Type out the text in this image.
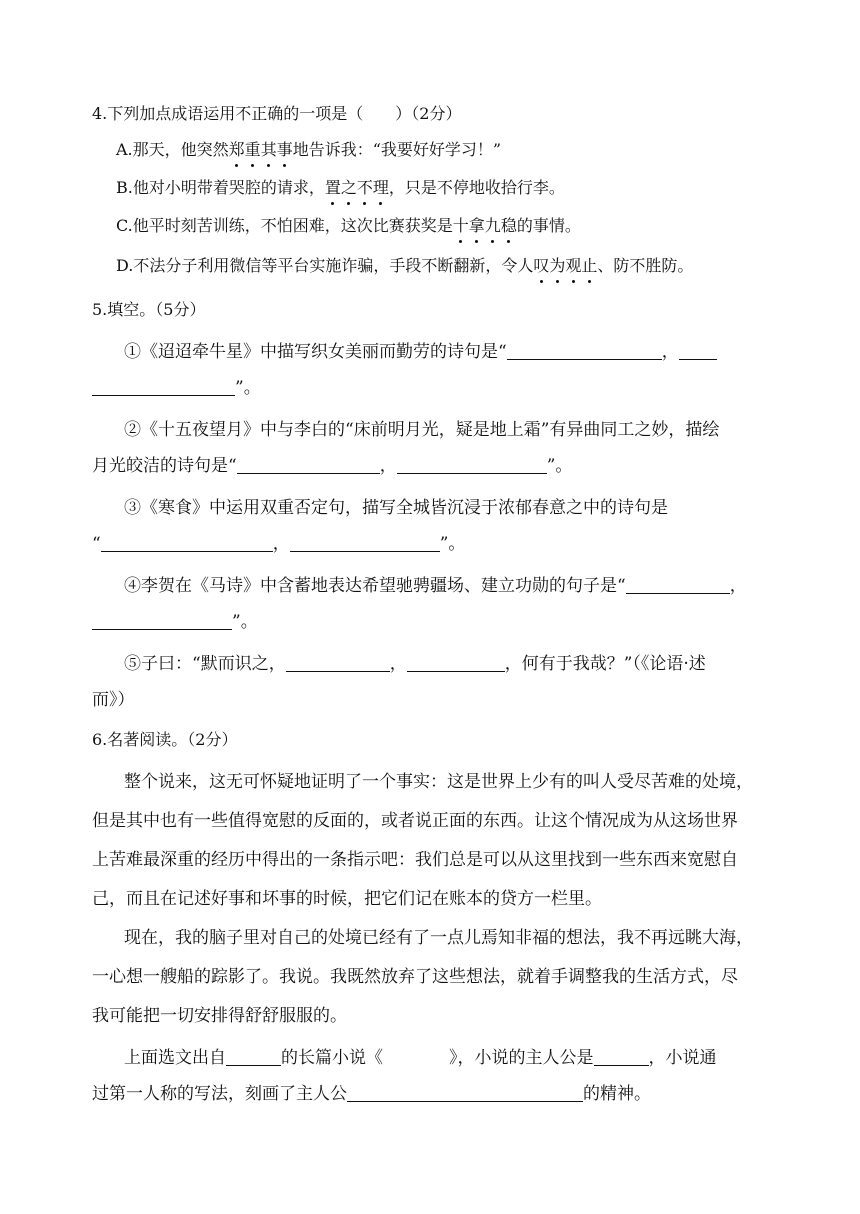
4.下列加点成语运用不正确的一项是（　　）（2分）
A.那天，他突然郑重其事地告诉我：“我要好好学习！”
B.他对小明带着哭腔的请求，置之不理，只是不停地收拾行李。
C.他平时刻苦训练，不怕困难，这次比赛获奖是十拿九稳的事情。
D.不法分子利用微信等平台实施诈骗，手段不断翻新，令人叹为观止、防不胜防。
5.填空。（5分）
①《迢迢牵牛星》中描写织女美丽而勤劳的诗句是“	，
”。
②《十五夜望月》中与李白的“床前明月光，疑是地上霜”有异曲同工之妙，描绘
月光皎洁的诗句是“	，	”。
③《寒食》中运用双重否定句，描写全城皆沉浸于浓郁春意之中的诗句是
“	，	”。
④李贺在《马诗》中含蓄地表达希望驰骋疆场、建立功勋的句子是“	，
”。
⑤子曰：“默而识之，	，	，何有于我哉？”（《论语·述
而》）
6.名著阅读。（2分）
整个说来，这无可怀疑地证明了一个事实：这是世界上少有的叫人受尽苦难的处境，
但是其中也有一些值得宽慰的反面的，或者说正面的东西。让这个情况成为从这场世界
上苦难最深重的经历中得出的一条指示吧：我们总是可以从这里找到一些东西来宽慰自
己，而且在记述好事和坏事的时候，把它们记在账本的贷方一栏里。
现在，我的脑子里对自己的处境已经有了一点儿焉知非福的想法，我不再远眺大海，
一心想一艘船的踪影了。我说。我既然放弃了这些想法，就着手调整我的生活方式，尽
我可能把一切安排得舒舒服服的。
上面选文出自	的长篇小说《	》，小说的主人公是	，小说通
过第一人称的写法，刻画了主人公	的精神。
